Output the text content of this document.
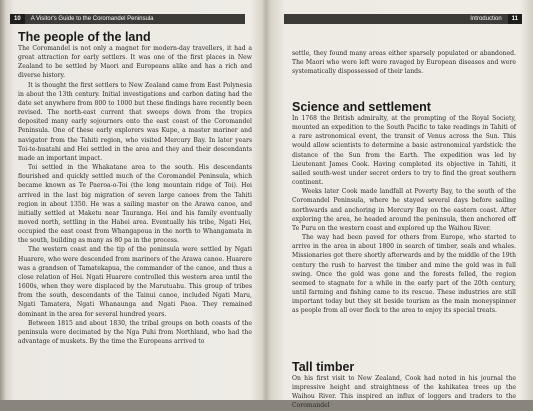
10	A Visitor's Guide to the Coromandel Peninsula
The people of the land

The Coromandel is not only a magnet for modern-day travellers, it had a great attraction for early settlers. It was one of the first places in New Zealand to be settled by Maori and Europeans alike and has a rich and diverse history.

It is thought the first settlers to New Zealand came from East Polynesia in about the 13th century. Initial investigations and carbon dating had the date set anywhere from 800 to 1000 but these findings have recently been revised. The north-east current that sweeps down from the tropics deposited many early sojourners onto the east coast of the Coromandel Peninsula. One of these early explorers was Kupe, a master mariner and navigator from the Tahiti region, who visited Mercury Bay. In later years Toi-te-huatahi and Hei settled in the area and they and their descendants made an important impact.

Toi settled in the Whakatane area to the south. His descendants flourished and quickly settled much of the Coromandel Peninsula, which became known as Te Paeroa-o-Toi (the long mountain ridge of Toi). Hei arrived in the last big migration of seven large canoes from the Tahiti region in about 1350. He was a sailing master on the Arawa canoe, and initially settled at Maketu near Tauranga. Hei and his family eventually moved north, settling in the Hahei area. Eventually his tribe, Ngati Hei, occupied the east coast from Whangapoua in the north to Whangamata in the south, building as many as 80 pa in the process.

The western coast and the tip of the peninsula were settled by Ngati Huarere, who were descended from mariners of the Arawa canoe. Huarere was a grandson of Tamatekapua, the commander of the canoe, and thus a close relation of Hei. Ngati Huarere controlled this western area until the 1600s, when they were displaced by the Marutuahu. This group of tribes from the south, descendants of the Tainui canoe, included Ngati Maru, Ngati Tamatera, Ngati Whanaunga and Ngati Paoa. They remained dominant in the area for several hundred years.

Between 1815 and about 1830, the tribal groups on both coasts of the peninsula were decimated by the Nga Puhi from Northland, who had the advantage of muskets. By the time the Europeans arrived to

Introduction	11

settle, they found many areas either sparsely populated or abandoned. The Maori who were left were ravaged by European diseases and were systematically dispossessed of their lands.

Science and settlement

In 1768 the British admiralty, at the prompting of the Royal Society, mounted an expedition to the South Pacific to take readings in Tahiti of a rare astronomical event, the transit of Venus across the Sun. This would allow scientists to determine a basic astronomical yardstick: the distance of the Sun from the Earth. The expedition was led by Lieutenant James Cook. Having completed its objective in Tahiti, it sailed south-west under secret orders to try to find the great southern continent.

Weeks later Cook made landfall at Poverty Bay, to the south of the Coromandel Peninsula, where he stayed several days before sailing northwards and anchoring in Mercury Bay on the eastern coast. After exploring the area, he headed around the peninsula, then anchored off Te Puru on the western coast and explored up the Waihou River.

The way had been paved for others from Europe, who started to arrive in the area in about 1800 in search of timber, seals and whales. Missionaries got there shortly afterwards and by the middle of the 19th century the rush to harvest the timber and mine the gold was in full swing. Once the gold was gone and the forests felled, the region seemed to stagnate for a while in the early part of the 20th century, until farming and fishing came to its rescue. These industries are still important today but they sit beside tourism as the main moneyspinner as people from all over flock to the area to enjoy its special treats.

Tall timber

On his first visit to New Zealand, Cook had noted in his journal the impressive height and straightness of the kahikatea trees up the Waihou River. This inspired an influx of loggers and traders to the Coromandel
